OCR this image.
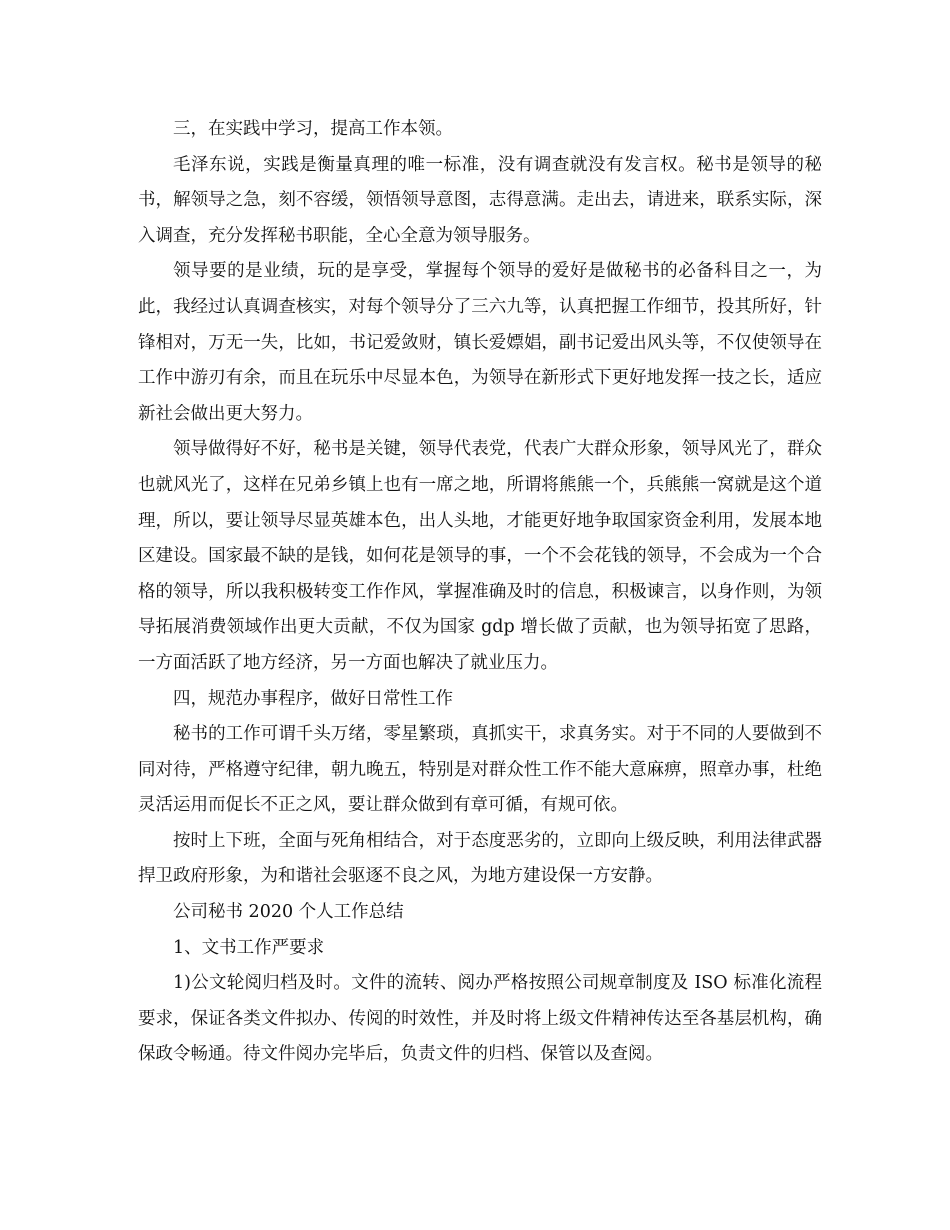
三，在实践中学习，提高工作本领。

毛泽东说，实践是衡量真理的唯一标准，没有调查就没有发言权。秘书是领导的秘书，解领导之急，刻不容缓，领悟领导意图，志得意满。走出去，请进来，联系实际，深入调查，充分发挥秘书职能，全心全意为领导服务。

领导要的是业绩，玩的是享受，掌握每个领导的爱好是做秘书的必备科目之一，为此，我经过认真调查核实，对每个领导分了三六九等，认真把握工作细节，投其所好，针锋相对，万无一失，比如，书记爱敛财，镇长爱嫖娼，副书记爱出风头等，不仅使领导在工作中游刃有余，而且在玩乐中尽显本色，为领导在新形式下更好地发挥一技之长，适应新社会做出更大努力。

领导做得好不好，秘书是关键，领导代表党，代表广大群众形象，领导风光了，群众也就风光了，这样在兄弟乡镇上也有一席之地，所谓将熊熊一个，兵熊熊一窝就是这个道理，所以，要让领导尽显英雄本色，出人头地，才能更好地争取国家资金利用，发展本地区建设。国家最不缺的是钱，如何花是领导的事，一个不会花钱的领导，不会成为一个合格的领导，所以我积极转变工作作风，掌握准确及时的信息，积极谏言，以身作则，为领导拓展消费领域作出更大贡献，不仅为国家 gdp 增长做了贡献，也为领导拓宽了思路，一方面活跃了地方经济，另一方面也解决了就业压力。

四，规范办事程序，做好日常性工作

秘书的工作可谓千头万绪，零星繁琐，真抓实干，求真务实。对于不同的人要做到不同对待，严格遵守纪律，朝九晚五，特别是对群众性工作不能大意麻痹，照章办事，杜绝灵活运用而促长不正之风，要让群众做到有章可循，有规可依。

按时上下班，全面与死角相结合，对于态度恶劣的，立即向上级反映，利用法律武器捍卫政府形象，为和谐社会驱逐不良之风，为地方建设保一方安静。

公司秘书 2020 个人工作总结

1、文书工作严要求

1)公文轮阅归档及时。文件的流转、阅办严格按照公司规章制度及 ISO 标准化流程要求，保证各类文件拟办、传阅的时效性，并及时将上级文件精神传达至各基层机构，确保政令畅通。待文件阅办完毕后，负责文件的归档、保管以及查阅。
